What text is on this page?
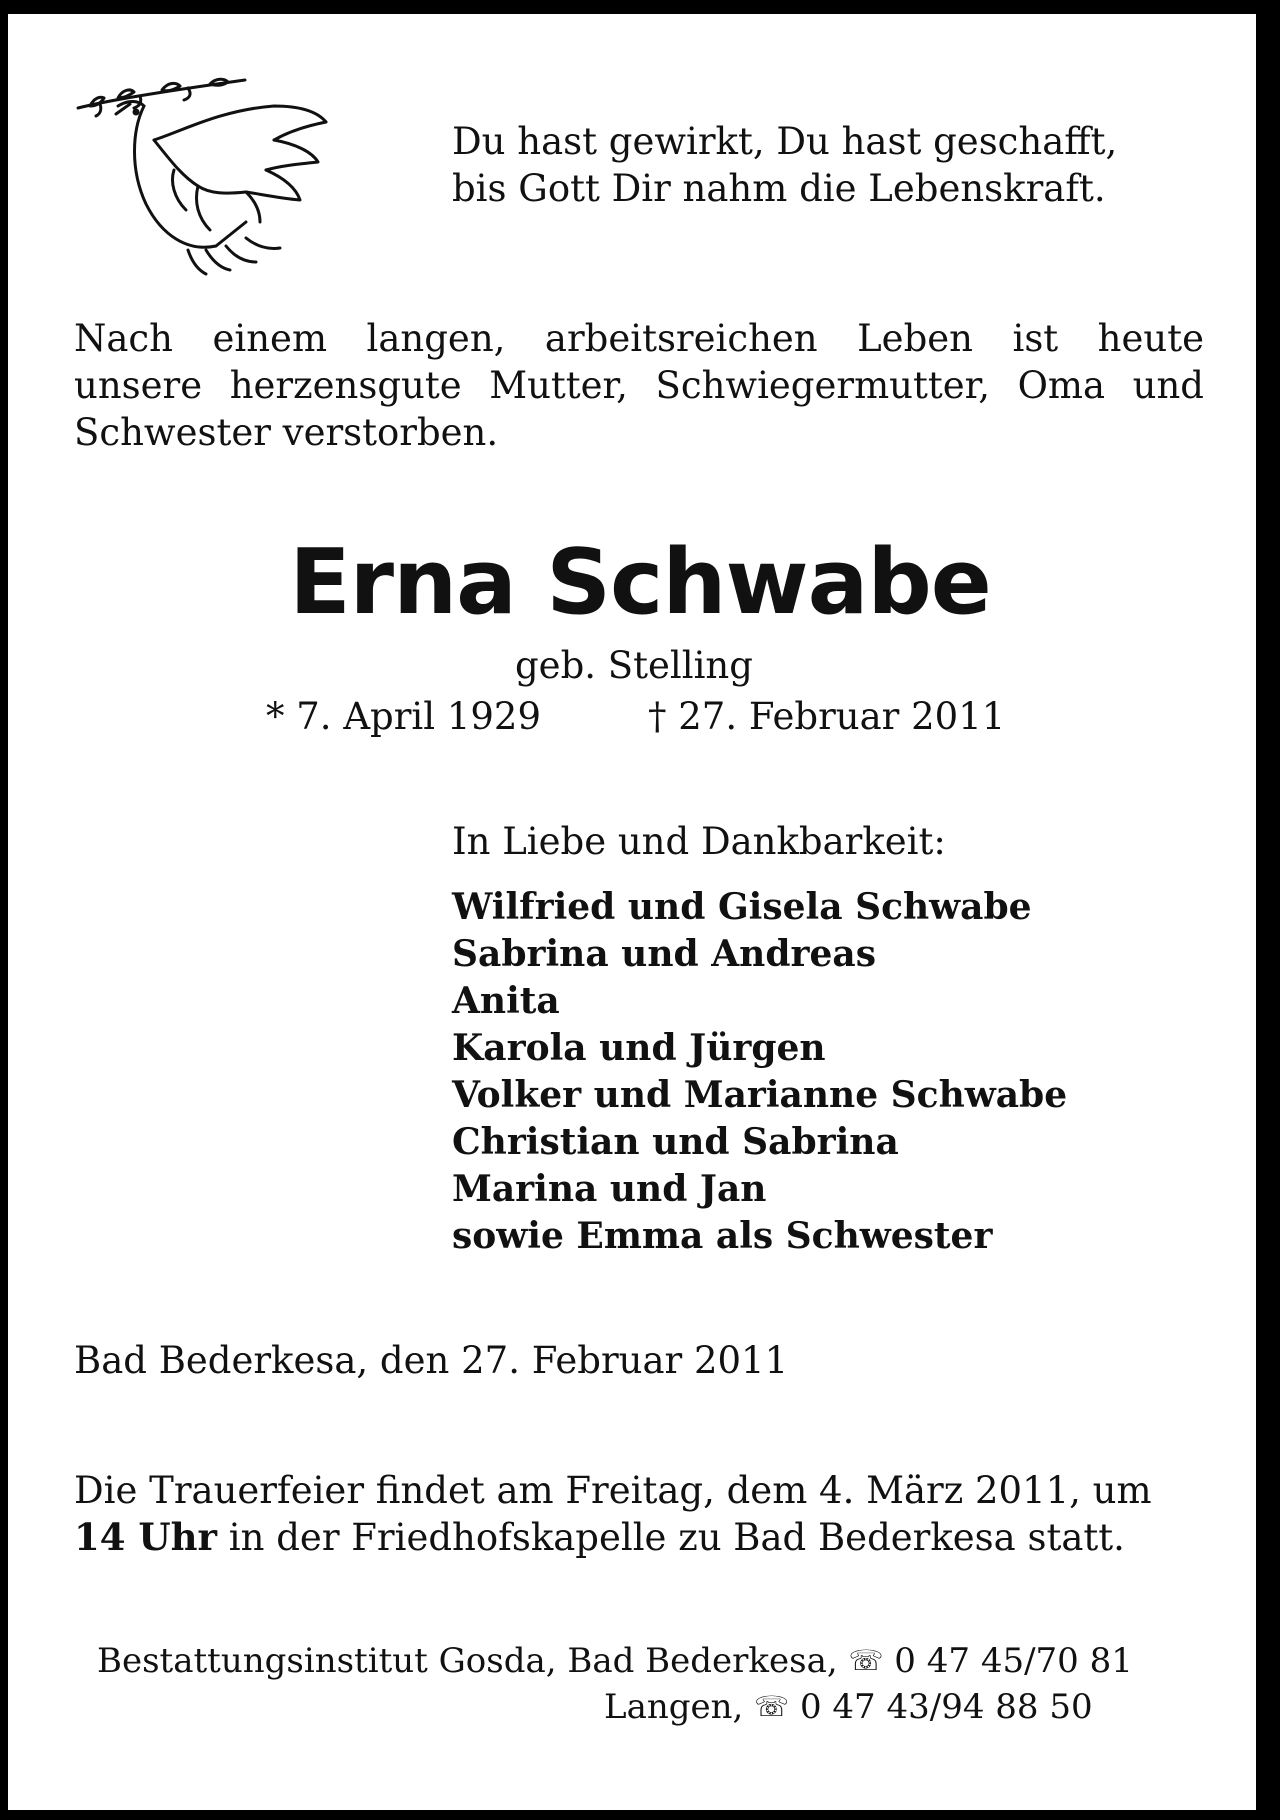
Du hast gewirkt, Du hast geschafft,
bis Gott Dir nahm die Lebenskraft.

Nach einem langen, arbeitsreichen Leben ist heute
unsere herzensgute Mutter, Schwiegermutter, Oma und
Schwester verstorben.

Erna Schwabe
geb. Stelling
* 7. April 1929	† 27. Februar 2011
In Liebe und Dankbarkeit:
Wilfried und Gisela Schwabe
Sabrina und Andreas
Anita
Karola und Jürgen
Volker und Marianne Schwabe
Christian und Sabrina
Marina und Jan
sowie Emma als Schwester
Bad Bederkesa, den 27. Februar 2011
Die Trauerfeier findet am Freitag, dem 4. März 2011, um
14 Uhr in der Friedhofskapelle zu Bad Bederkesa statt.
Bestattungsinstitut Gosda, Bad Bederkesa, ☏ 0 47 45/70 81
Langen, ☏ 0 47 43/94 88 50
